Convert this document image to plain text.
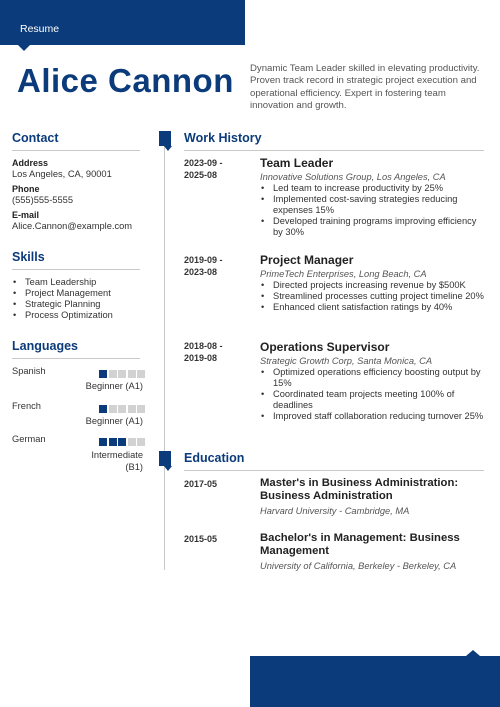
Resume
Alice Cannon Dynamic Team Leader skilled in elevating productivity. Proven track record in strategic project execution and operational efficiency. Expert in fostering team innovation and growth.
Contact
Address
Los Angeles, CA, 90001
Phone
(555)555-5555
E-mail
Alice.Cannon@example.com
Skills
• Team Leadership
• Project Management
• Strategic Planning
• Process Optimization
Languages
Spanish
Beginner (A1)
French
Beginner (A1)
German
Intermediate
(B1)
Work History
2023-09 -
2025-08
Team Leader
Innovative Solutions Group, Los Angeles, CA
• Led team to increase productivity by 25%
• Implemented cost-saving strategies reducing expenses 15%
• Developed training programs improving efficiency by 30%
2019-09 -
2023-08
Project Manager
PrimeTech Enterprises, Long Beach, CA
• Directed projects increasing revenue by $500K
• Streamlined processes cutting project timeline 20%
• Enhanced client satisfaction ratings by 40%
2018-08 -
2019-08
Operations Supervisor
Strategic Growth Corp, Santa Monica, CA
• Optimized operations efficiency boosting output by 15%
• Coordinated team projects meeting 100% of deadlines
• Improved staff collaboration reducing turnover 25%
Education
2017-05	Master's in Business Administration: Business Administration
Harvard University - Cambridge, MA
2015-05	Bachelor's in Management: Business Management
University of California, Berkeley - Berkeley, CA
